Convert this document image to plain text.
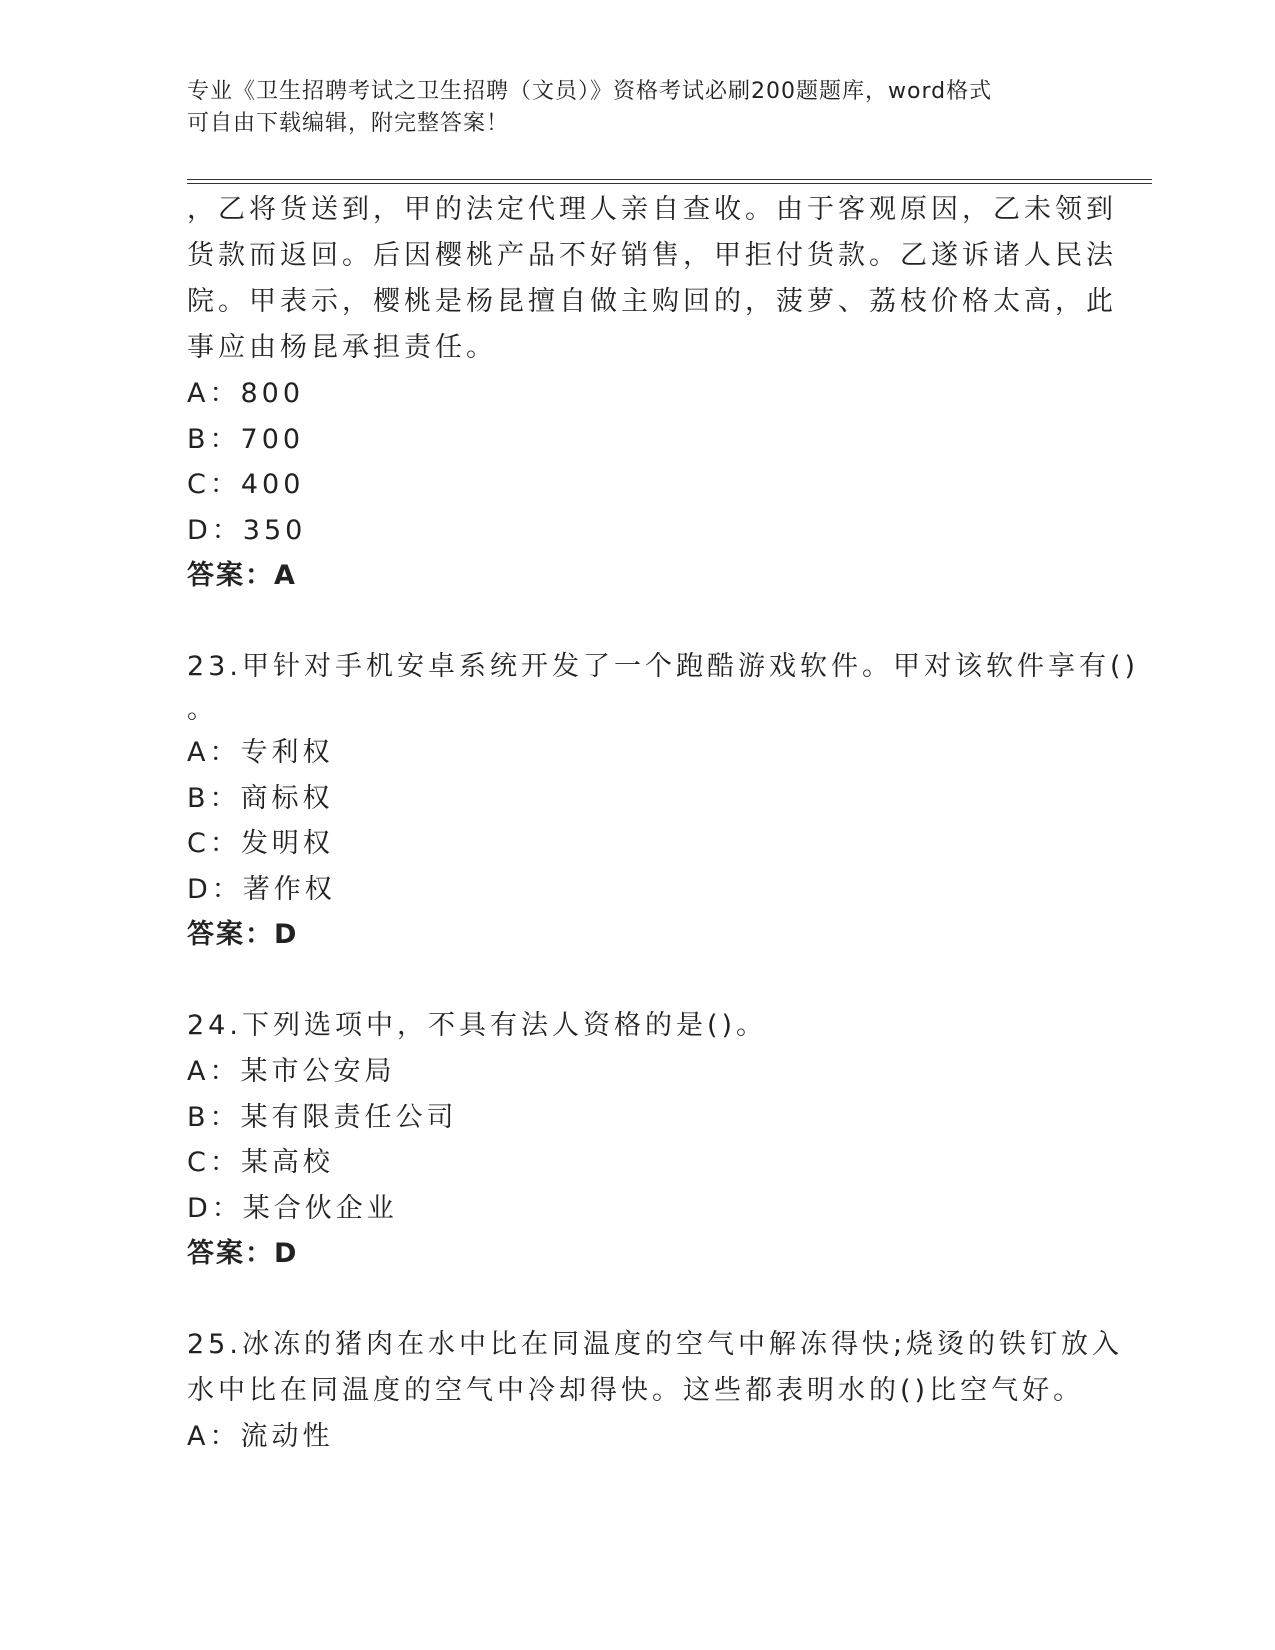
专业《卫生招聘考试之卫生招聘（文员）》资格考试必刷200题题库，word格式
可自由下载编辑，附完整答案！
，乙将货送到，甲的法定代理人亲自查收。由于客观原因，乙未领到
货款而返回。后因樱桃产品不好销售，甲拒付货款。乙遂诉诸人民法
院。甲表示，樱桃是杨昆擅自做主购回的，菠萝、荔枝价格太高，此
事应由杨昆承担责任。
A：800
B：700
C：400
D：350
答案：A
23.甲针对手机安卓系统开发了一个跑酷游戏软件。甲对该软件享有()
。
A：专利权
B：商标权
C：发明权
D：著作权
答案：D
24.下列选项中，不具有法人资格的是()。
A：某市公安局
B：某有限责任公司
C：某高校
D：某合伙企业
答案：D
25.冰冻的猪肉在水中比在同温度的空气中解冻得快;烧烫的铁钉放入
水中比在同温度的空气中冷却得快。这些都表明水的()比空气好。
A：流动性
